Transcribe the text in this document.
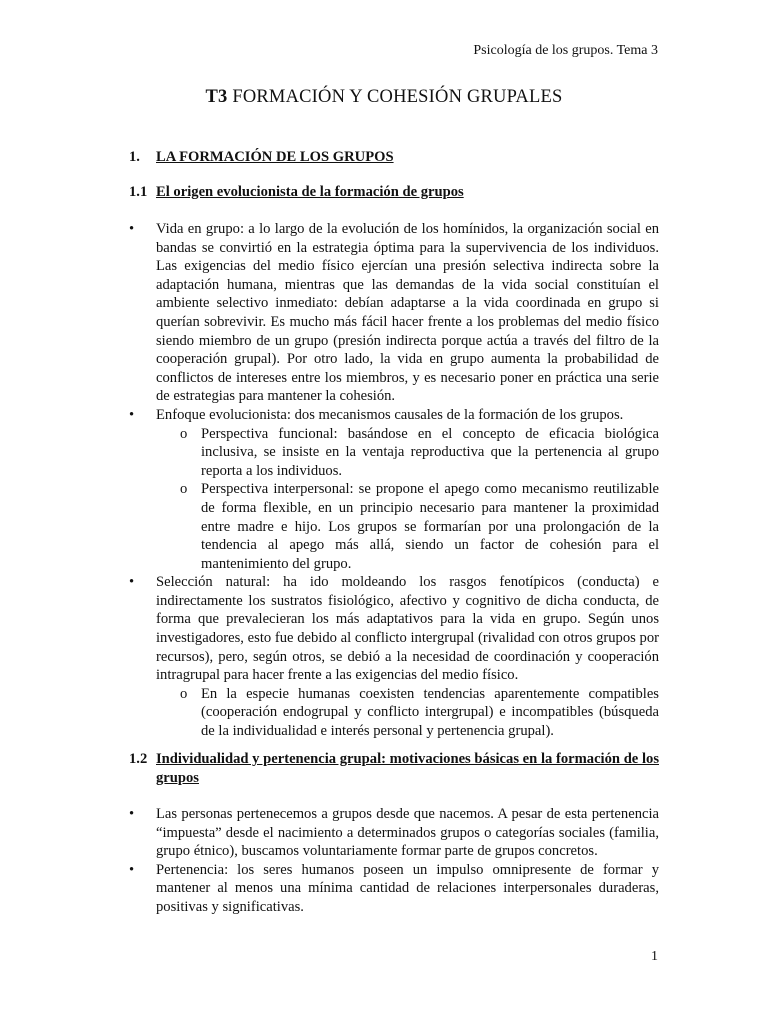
Psicología de los grupos. Tema 3
T3 FORMACIÓN Y COHESIÓN GRUPALES
1. LA FORMACIÓN DE LOS GRUPOS
1.1 El origen evolucionista de la formación de grupos
•	Vida en grupo: a lo largo de la evolución de los homínidos, la organización social en bandas se convirtió en la estrategia óptima para la supervivencia de los individuos. Las exigencias del medio físico ejercían una presión selectiva indirecta sobre la adaptación humana, mientras que las demandas de la vida social constituían el ambiente selectivo inmediato: debían adaptarse a la vida coordinada en grupo si querían sobrevivir. Es mucho más fácil hacer frente a los problemas del medio físico siendo miembro de un grupo (presión indirecta porque actúa a través del filtro de la cooperación grupal). Por otro lado, la vida en grupo aumenta la probabilidad de conflictos de intereses entre los miembros, y es necesario poner en práctica una serie de estrategias para mantener la cohesión.
•	Enfoque evolucionista: dos mecanismos causales de la formación de los grupos.
o Perspectiva funcional: basándose en el concepto de eficacia biológica inclusiva, se insiste en la ventaja reproductiva que la pertenencia al grupo reporta a los individuos.
o Perspectiva interpersonal: se propone el apego como mecanismo reutilizable de forma flexible, en un principio necesario para mantener la proximidad entre madre e hijo. Los grupos se formarían por una prolongación de la tendencia al apego más allá, siendo un factor de cohesión para el mantenimiento del grupo.
•	Selección natural: ha ido moldeando los rasgos fenotípicos (conducta) e indirectamente los sustratos fisiológico, afectivo y cognitivo de dicha conducta, de forma que prevalecieran los más adaptativos para la vida en grupo. Según unos investigadores, esto fue debido al conflicto intergrupal (rivalidad con otros grupos por recursos), pero, según otros, se debió a la necesidad de coordinación y cooperación intragrupal para hacer frente a las exigencias del medio físico.
o En la especie humanas coexisten tendencias aparentemente compatibles (cooperación endogrupal y conflicto intergrupal) e incompatibles (búsqueda de la individualidad e interés personal y pertenencia grupal).
1.2 Individualidad y pertenencia grupal: motivaciones básicas en la formación de los grupos
•	Las personas pertenecemos a grupos desde que nacemos. A pesar de esta pertenencia “impuesta” desde el nacimiento a determinados grupos o categorías sociales (familia, grupo étnico), buscamos voluntariamente formar parte de grupos concretos.
•	Pertenencia: los seres humanos poseen un impulso omnipresente de formar y mantener al menos una mínima cantidad de relaciones interpersonales duraderas, positivas y significativas.
1
